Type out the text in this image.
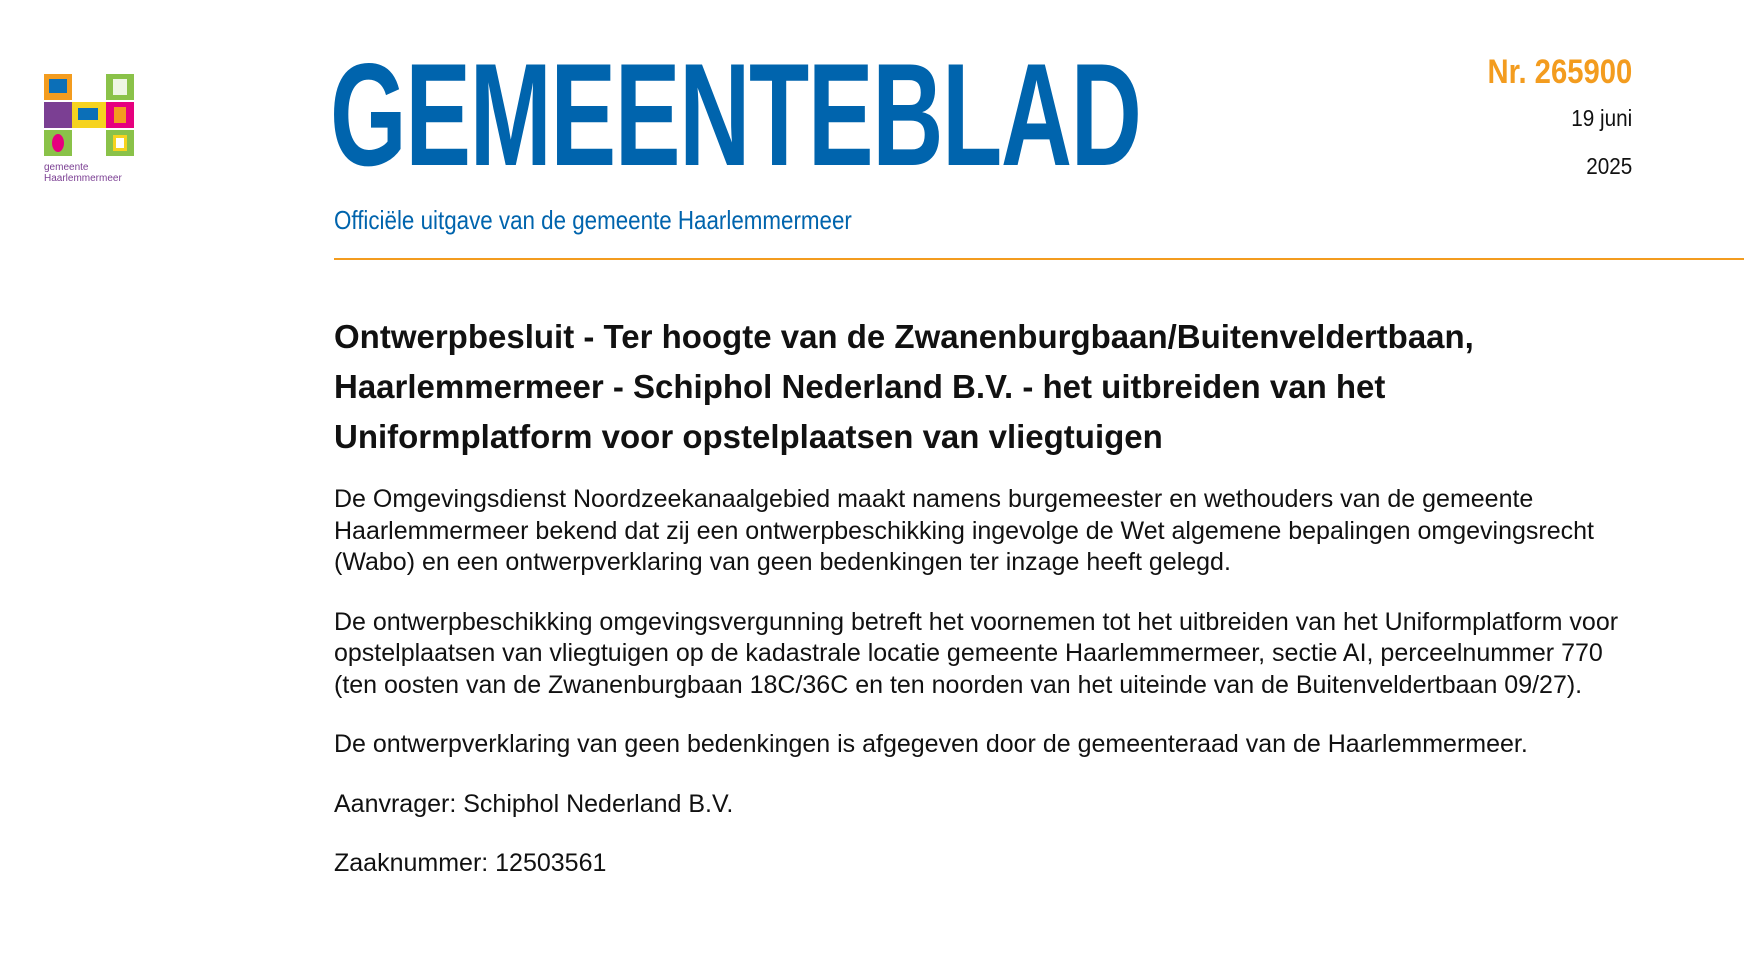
gemeente
Haarlemmermeer GEMEENTEBLAD
Officiële uitgave van de gemeente Haarlemmermeer
Nr. 265900
19 juni
2025
Ontwerpbesluit - Ter hoogte van de Zwanenburgbaan/Buitenveldertbaan, Haarlemmermeer - Schiphol Nederland B.V. - het uitbreiden van het Uniformplatform voor opstelplaatsen van vliegtuigen

De Omgevingsdienst Noordzeekanaalgebied maakt namens burgemeester en wethouders van de gemeente Haarlemmermeer bekend dat zij een ontwerpbeschikking ingevolge de Wet algemene bepalingen omgevingsrecht (Wabo) en een ontwerpverklaring van geen bedenkingen ter inzage heeft gelegd.

De ontwerpbeschikking omgevingsvergunning betreft het voornemen tot het uitbreiden van het Uniformplatform voor opstelplaatsen van vliegtuigen op de kadastrale locatie gemeente Haarlemmermeer, sectie AI, perceelnummer 770 (ten oosten van de Zwanenburgbaan 18C/36C en ten noorden van het uiteinde van de Buitenveldertbaan 09/27).

De ontwerpverklaring van geen bedenkingen is afgegeven door de gemeenteraad van de Haarlemmermeer.

Aanvrager: Schiphol Nederland B.V.

Zaaknummer: 12503561
